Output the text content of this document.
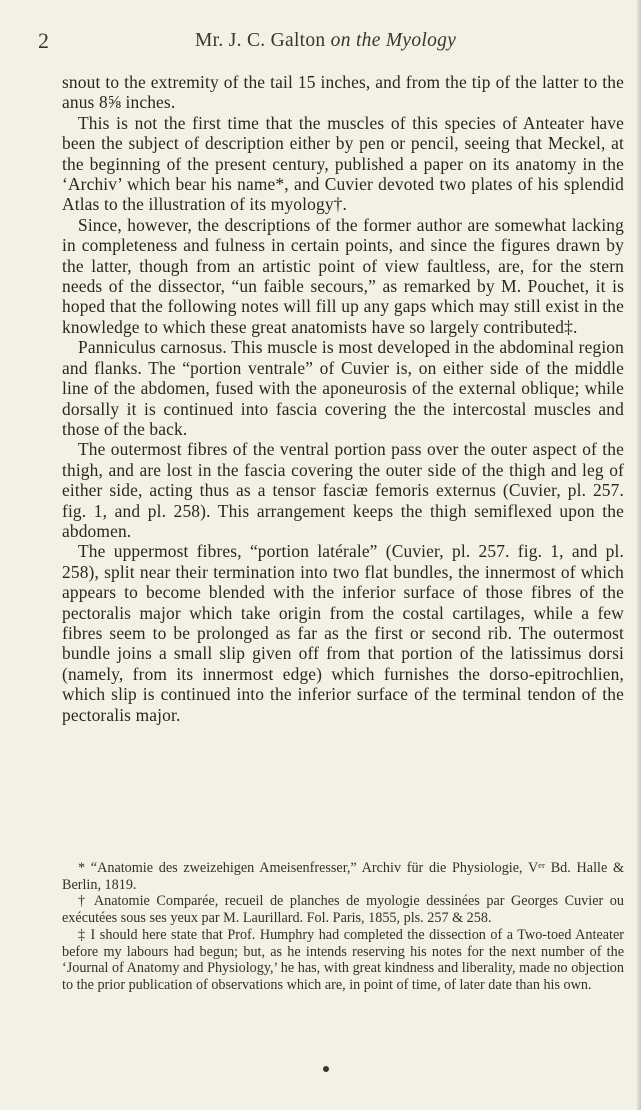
2	Mr. J. C. Galton on the Myology

snout to the extremity of the tail 15 inches, and from the tip of the latter to the anus 8⅝ inches.

This is not the first time that the muscles of this species of Anteater have been the subject of description either by pen or pencil, seeing that Meckel, at the beginning of the present century, published a paper on its anatomy in the ‘Archiv’ which bear his name*, and Cuvier devoted two plates of his splendid Atlas to the illustration of its myology†.

Since, however, the descriptions of the former author are somewhat lacking in completeness and fulness in certain points, and since the figures drawn by the latter, though from an artistic point of view faultless, are, for the stern needs of the dissector, “un faible secours,” as remarked by M. Pouchet, it is hoped that the following notes will fill up any gaps which may still exist in the knowledge to which these great anatomists have so largely contributed‡.

Panniculus carnosus. This muscle is most developed in the abdominal region and flanks. The “portion ventrale” of Cuvier is, on either side of the middle line of the abdomen, fused with the aponeurosis of the external oblique; while dorsally it is continued into fascia covering the the intercostal muscles and those of the back.

The outermost fibres of the ventral portion pass over the outer aspect of the thigh, and are lost in the fascia covering the outer side of the thigh and leg of either side, acting thus as a tensor fasciæ femoris externus (Cuvier, pl. 257. fig. 1, and pl. 258). This arrangement keeps the thigh semiflexed upon the abdomen.

The uppermost fibres, “portion latérale” (Cuvier, pl. 257. fig. 1, and pl. 258), split near their termination into two flat bundles, the innermost of which appears to become blended with the inferior surface of those fibres of the pectoralis major which take origin from the costal cartilages, while a few fibres seem to be prolonged as far as the first or second rib. The outermost bundle joins a small slip given off from that portion of the latissimus dorsi (namely, from its innermost edge) which furnishes the dorso-epitrochlien, which slip is continued into the inferior surface of the terminal tendon of the pectoralis major.

* “Anatomie des zweizehigen Ameisenfresser,” Archiv für die Physiologie, Vᵉʳ Bd. Halle & Berlin, 1819.

† Anatomie Comparée, recueil de planches de myologie dessinées par Georges Cuvier ou exécutées sous ses yeux par M. Laurillard. Fol. Paris, 1855, pls. 257 & 258.

‡ I should here state that Prof. Humphry had completed the dissection of a Two-toed Anteater before my labours had begun; but, as he intends reserving his notes for the next number of the ‘Journal of Anatomy and Physiology,’ he has, with great kindness and liberality, made no objection to the prior publication of observations which are, in point of time, of later date than his own.
